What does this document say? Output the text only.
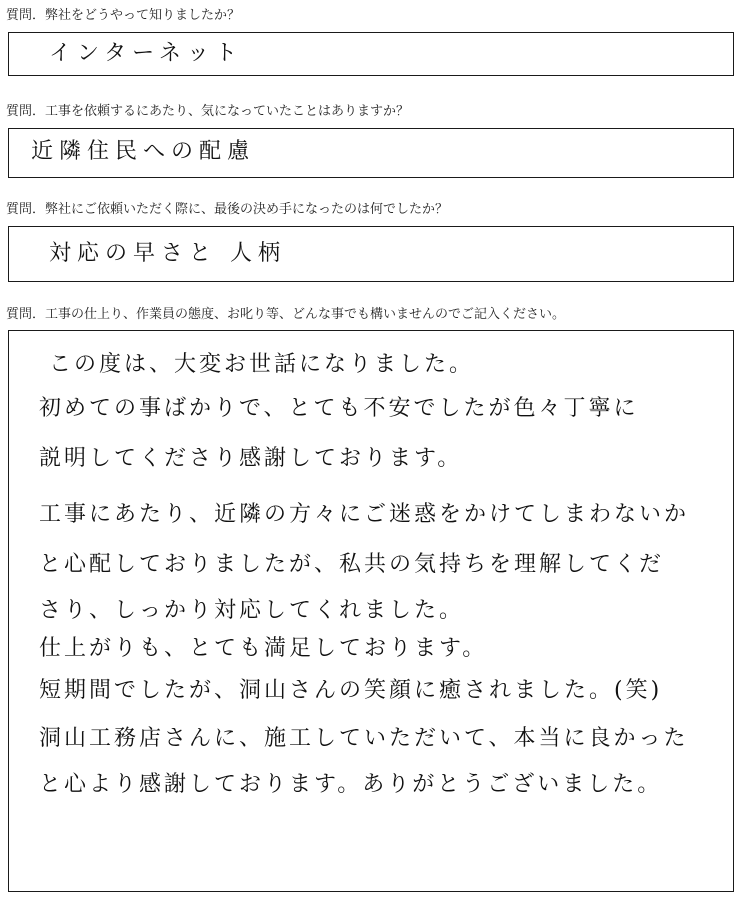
質問．弊社をどうやって知りましたか？
インターネット
質問．工事を依頼するにあたり、気になっていたことはありますか？
近隣住民への配慮
質問．弊社にご依頼いただく際に、最後の決め手になったのは何でしたか？
対応の早さと 人柄
質問．工事の仕上り、作業員の態度、お叱り等、どんな事でも構いませんのでご記入ください。
この度は、大変お世話になりました。
初めての事ばかりで、とても不安でしたが色々丁寧に
説明してくださり感謝しております。
工事にあたり、近隣の方々にご迷惑をかけてしまわないか
と心配しておりましたが、私共の気持ちを理解してくだ
さり、しっかり対応してくれました。
仕上がりも、とても満足しております。
短期間でしたが、洞山さんの笑顔に癒されました。(笑)
洞山工務店さんに、施工していただいて、本当に良かった
と心より感謝しております。ありがとうございました。
